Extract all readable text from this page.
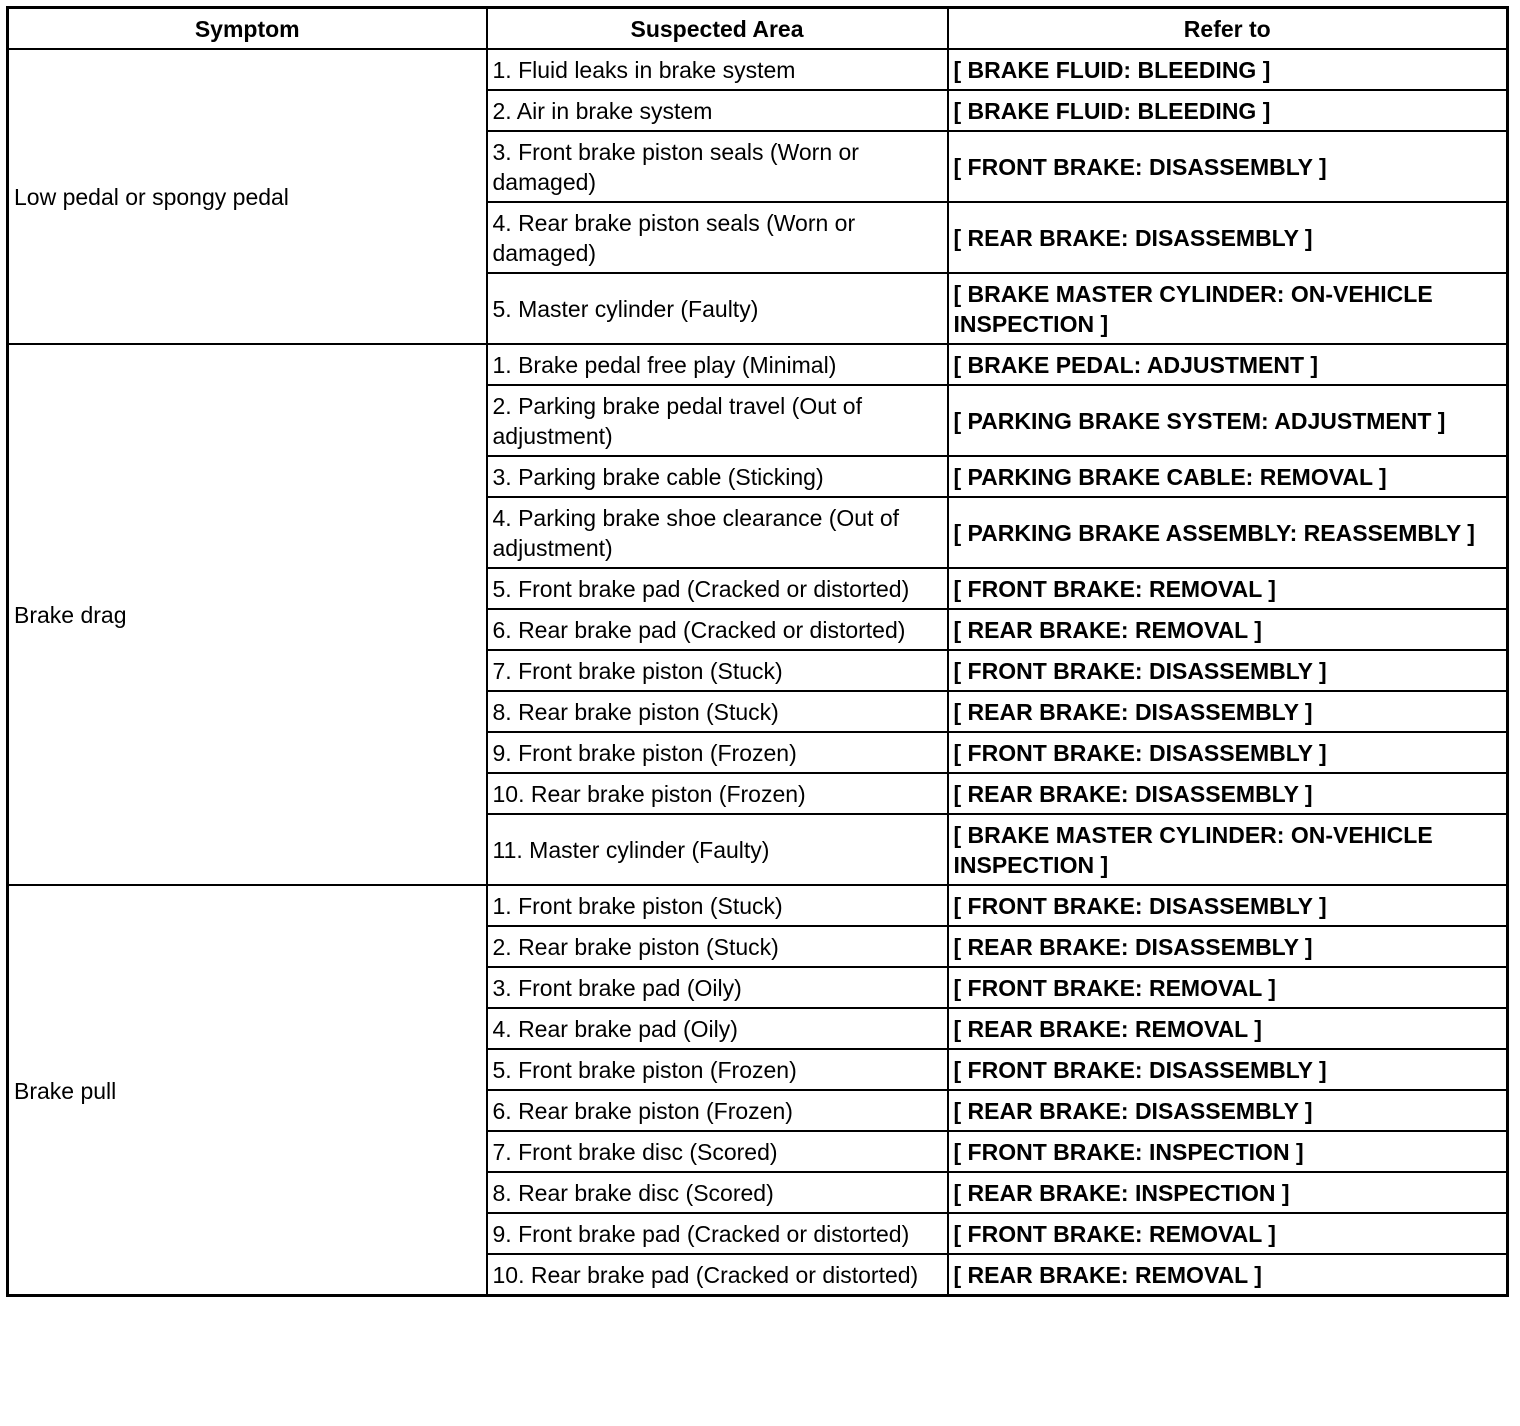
Symptom	Suspected Area	Refer to
Low pedal or spongy pedal	1. Fluid leaks in brake system	[ BRAKE FLUID: BLEEDING ]
	2. Air in brake system	[ BRAKE FLUID: BLEEDING ]
	3. Front brake piston seals (Worn or damaged)	[ FRONT BRAKE: DISASSEMBLY ]
	4. Rear brake piston seals (Worn or damaged)	[ REAR BRAKE: DISASSEMBLY ]
	5. Master cylinder (Faulty)	[ BRAKE MASTER CYLINDER: ON-VEHICLE INSPECTION ]
Brake drag	1. Brake pedal free play (Minimal)	[ BRAKE PEDAL: ADJUSTMENT ]
	2. Parking brake pedal travel (Out of adjustment)	[ PARKING BRAKE SYSTEM: ADJUSTMENT ]
	3. Parking brake cable (Sticking)	[ PARKING BRAKE CABLE: REMOVAL ]
	4. Parking brake shoe clearance (Out of adjustment)	[ PARKING BRAKE ASSEMBLY: REASSEMBLY ]
	5. Front brake pad (Cracked or distorted)	[ FRONT BRAKE: REMOVAL ]
	6. Rear brake pad (Cracked or distorted)	[ REAR BRAKE: REMOVAL ]
	7. Front brake piston (Stuck)	[ FRONT BRAKE: DISASSEMBLY ]
	8. Rear brake piston (Stuck)	[ REAR BRAKE: DISASSEMBLY ]
	9. Front brake piston (Frozen)	[ FRONT BRAKE: DISASSEMBLY ]
	10. Rear brake piston (Frozen)	[ REAR BRAKE: DISASSEMBLY ]
	11. Master cylinder (Faulty)	[ BRAKE MASTER CYLINDER: ON-VEHICLE INSPECTION ]
Brake pull	1. Front brake piston (Stuck)	[ FRONT BRAKE: DISASSEMBLY ]
	2. Rear brake piston (Stuck)	[ REAR BRAKE: DISASSEMBLY ]
	3. Front brake pad (Oily)	[ FRONT BRAKE: REMOVAL ]
	4. Rear brake pad (Oily)	[ REAR BRAKE: REMOVAL ]
	5. Front brake piston (Frozen)	[ FRONT BRAKE: DISASSEMBLY ]
	6. Rear brake piston (Frozen)	[ REAR BRAKE: DISASSEMBLY ]
	7. Front brake disc (Scored)	[ FRONT BRAKE: INSPECTION ]
	8. Rear brake disc (Scored)	[ REAR BRAKE: INSPECTION ]
	9. Front brake pad (Cracked or distorted)	[ FRONT BRAKE: REMOVAL ]
	10. Rear brake pad (Cracked or distorted)	[ REAR BRAKE: REMOVAL ]
